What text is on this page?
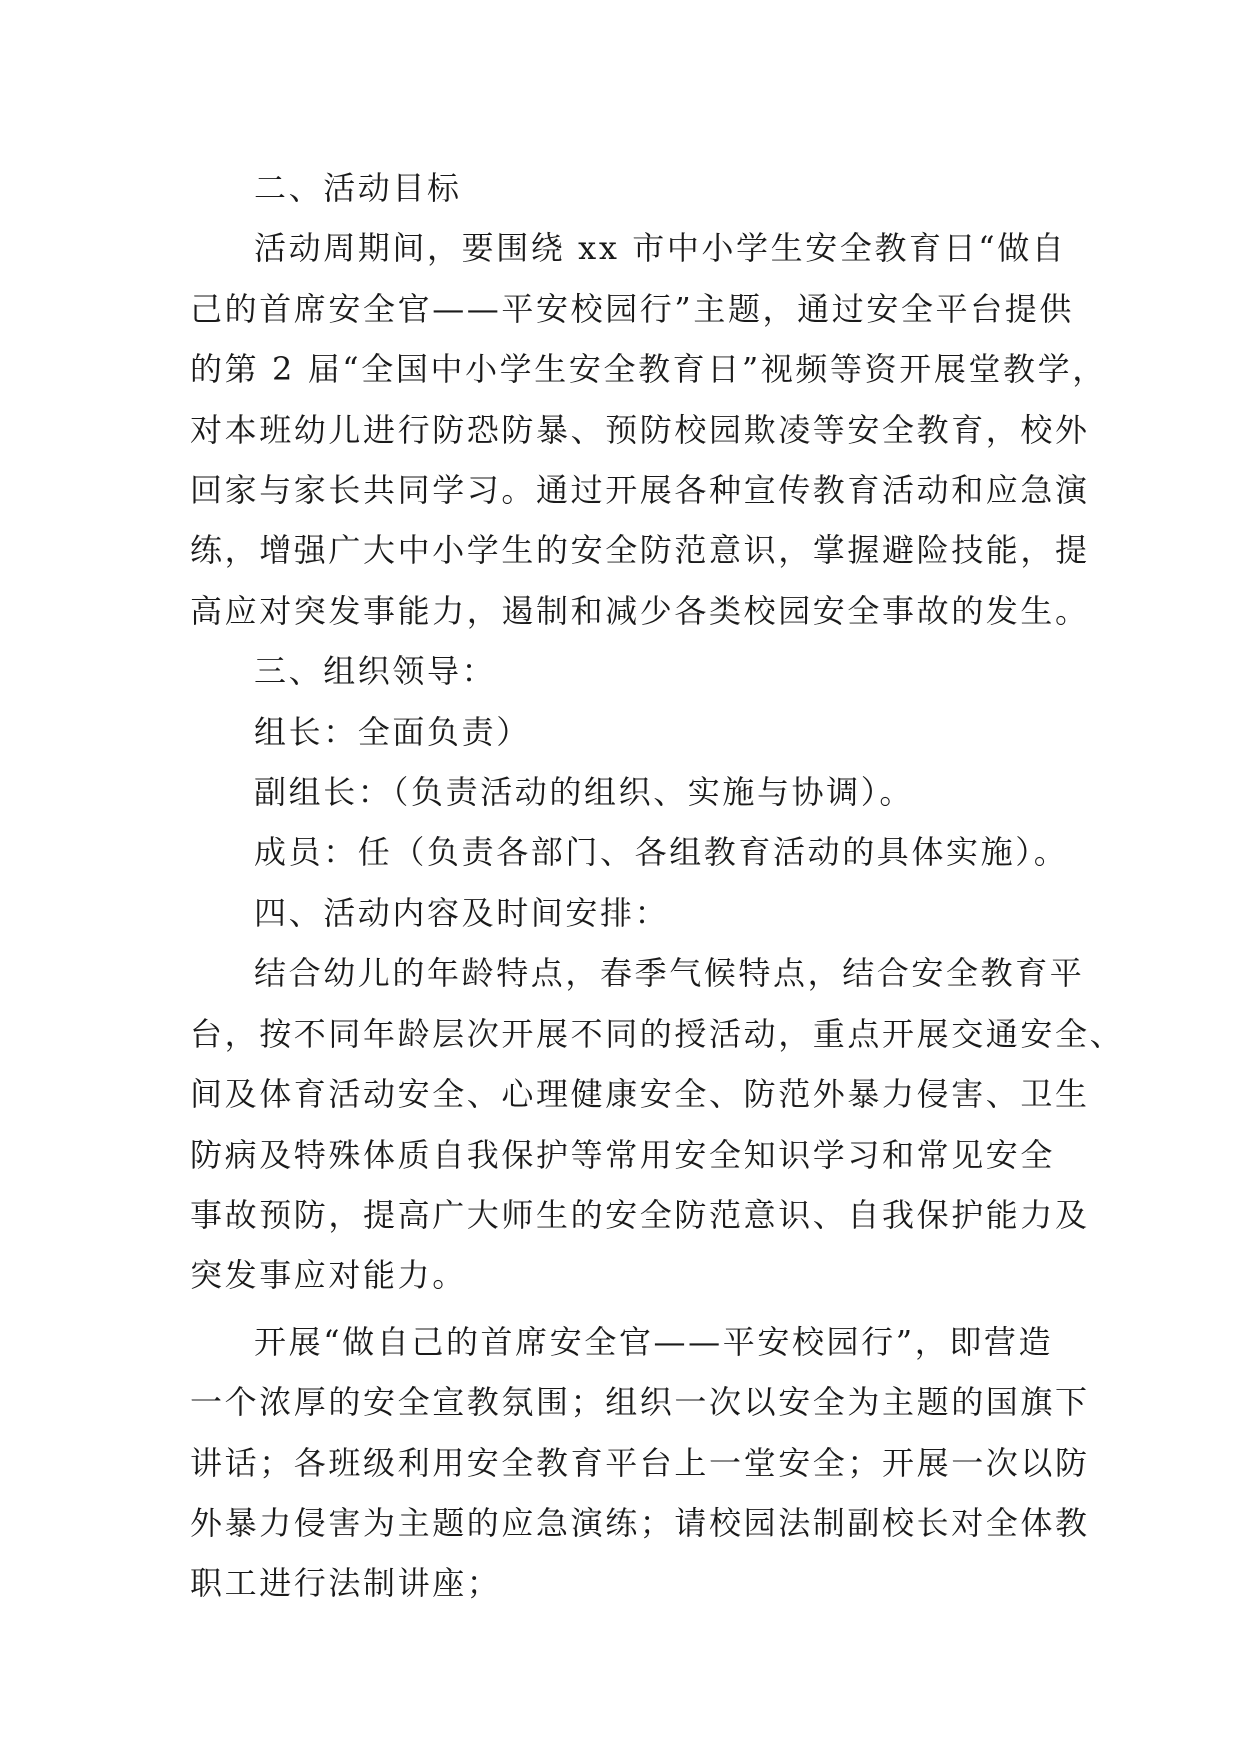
二、活动目标
活动周期间，要围绕 xx 市中小学生安全教育日“做自
己的首席安全官——平安校园行”主题，通过安全平台提供
的第 2 届“全国中小学生安全教育日”视频等资开展堂教学，
对本班幼儿进行防恐防暴、预防校园欺凌等安全教育，校外
回家与家长共同学习。通过开展各种宣传教育活动和应急演
练，增强广大中小学生的安全防范意识，掌握避险技能，提
高应对突发事能力，遏制和减少各类校园安全事故的发生。
三、组织领导：
组长：全面负责）
副组长：（负责活动的组织、实施与协调）。
成员：任（负责各部门、各组教育活动的具体实施）。
四、活动内容及时间安排：
结合幼儿的年龄特点，春季气候特点，结合安全教育平
台，按不同年龄层次开展不同的授活动，重点开展交通安全、
间及体育活动安全、心理健康安全、防范外暴力侵害、卫生
防病及特殊体质自我保护等常用安全知识学习和常见安全
事故预防，提高广大师生的安全防范意识、自我保护能力及
突发事应对能力。
开展“做自己的首席安全官——平安校园行”，即营造
一个浓厚的安全宣教氛围；组织一次以安全为主题的国旗下
讲话；各班级利用安全教育平台上一堂安全；开展一次以防
外暴力侵害为主题的应急演练；请校园法制副校长对全体教
职工进行法制讲座；
